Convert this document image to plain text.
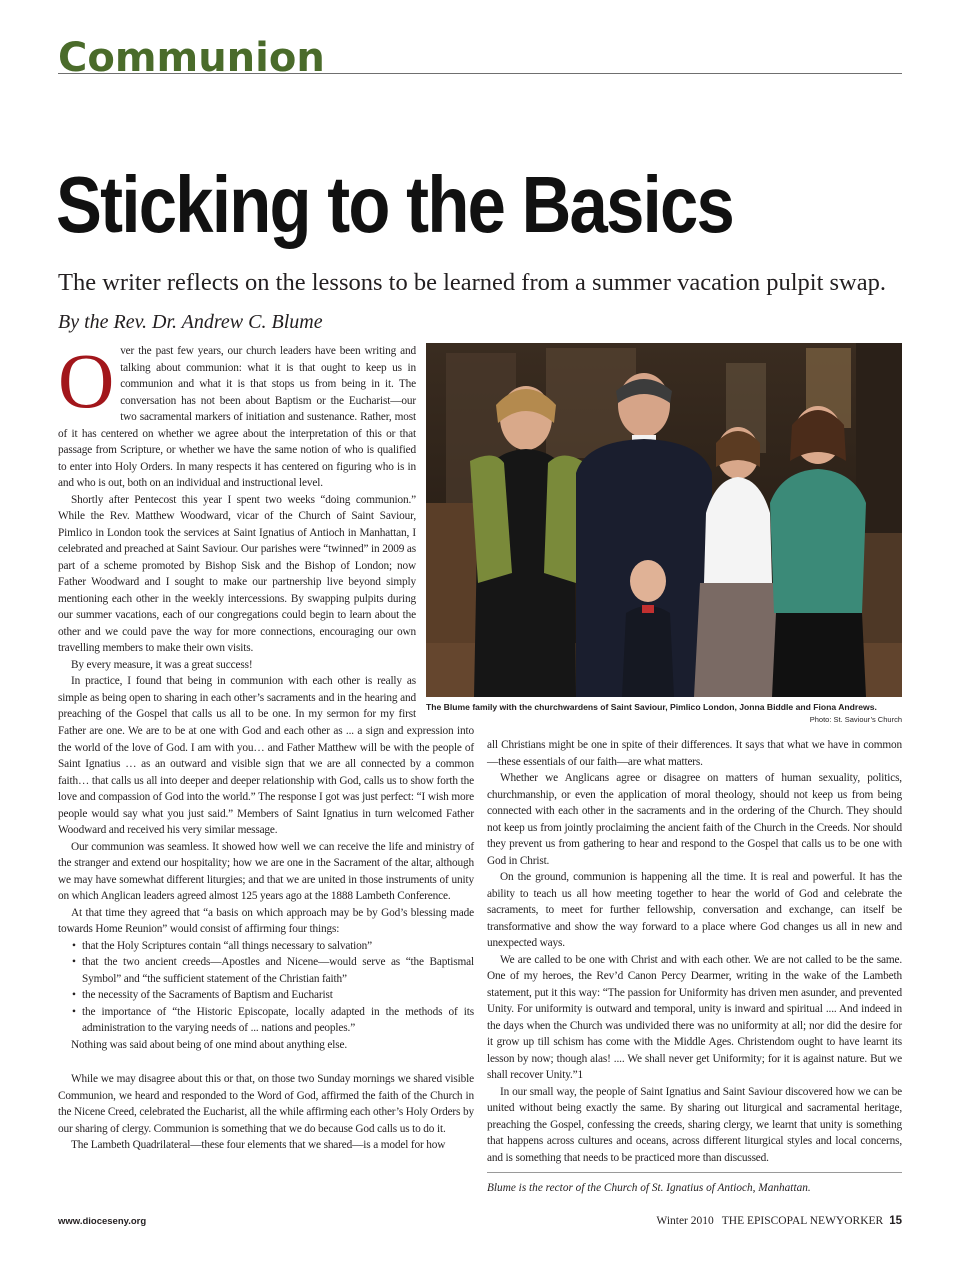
Communion
Sticking to the Basics
The writer reflects on the lessons to be learned from a summer vacation pulpit swap.
By the Rev. Dr. Andrew C. Blume

Over the past few years, our church leaders have been writing and talking about communion: what it is that ought to keep us in communion and what it is that stops us from being in it. The conversation has not been about Baptism or the Eucharist—our two sacramental markers of initiation and sustenance. Rather, most of it has centered on whether we agree about the interpretation of this or that passage from Scripture, or whether we have the same notion of who is qualified to enter into Holy Orders. In many respects it has centered on figuring who is in and who is out, both on an individual and instructional level.

Shortly after Pentecost this year I spent two weeks “doing communion.” While the Rev. Matthew Woodward, vicar of the Church of Saint Saviour, Pimlico in London took the services at Saint Ignatius of Antioch in Manhattan, I celebrated and preached at Saint Saviour. Our parishes were “twinned” in 2009 as part of a scheme promoted by Bishop Sisk and the Bishop of London; now Father Woodward and I sought to make our partnership live beyond simply mentioning each other in the weekly intercessions. By swapping pulpits during our summer vacations, each of our congregations could begin to learn about the other and we could pave the way for more connections, encouraging our own travelling members to make their own visits.

By every measure, it was a great success!

In practice, I found that being in communion with each other is really as simple as being open to sharing in each other’s sacraments and in the hearing and preaching of the Gospel that calls us all to be one. In my sermon for my first

The Blume family with the churchwardens of Saint Saviour, Pimlico London, Jonna Biddle and Fiona Andrews.
Photo: St. Saviour’s Church

Father are one. We are to be at one with God and each other as ... a sign and expression into the world of the love of God. I am with you… and Father Matthew will be with the people of Saint Ignatius … as an outward and visible sign that we are all connected by a common faith… that calls us all into deeper and deeper relationship with God, calls us to show forth the love and compassion of God into the world.” The response I got was just perfect: “I wish more people would say what you just said.” Members of Saint Ignatius in turn welcomed Father Woodward and received his very similar message.

Our communion was seamless. It showed how well we can receive the life and ministry of the stranger and extend our hospitality; how we are one in the Sacrament of the altar, although we may have somewhat different liturgies; and that we are united in those instruments of unity on which Anglican leaders agreed almost 125 years ago at the 1888 Lambeth Conference.

At that time they agreed that “a basis on which approach may be by God’s blessing made towards Home Reunion” would consist of affirming four things:

• that the Holy Scriptures contain “all things necessary to salvation”
• that the two ancient creeds—Apostles and Nicene—would serve as “the Baptismal Symbol” and “the sufficient statement of the Christian faith”
• the necessity of the Sacraments of Baptism and Eucharist
• the importance of “the Historic Episcopate, locally adapted in the methods of its administration to the varying needs of ... nations and peoples.”

Nothing was said about being of one mind about anything else.

While we may disagree about this or that, on those two Sunday mornings we shared visible Communion, we heard and responded to the Word of God, affirmed the faith of the Church in the Nicene Creed, celebrated the Eucharist, all the while affirming each other’s Holy Orders by our sharing of clergy. Communion is something that we do because God calls us to do it.

The Lambeth Quadrilateral—these four elements that we shared—is a model for how

all Christians might be one in spite of their differences. It says that what we have in common—these essentials of our faith—are what matters.

Whether we Anglicans agree or disagree on matters of human sexuality, politics, churchmanship, or even the application of moral theology, should not keep us from being connected with each other in the sacraments and in the ordering of the Church. They should not keep us from jointly proclaiming the ancient faith of the Church in the Creeds. Nor should they prevent us from gathering to hear and respond to the Gospel that calls us to be one with God in Christ.

On the ground, communion is happening all the time. It is real and powerful. It has the ability to teach us all how meeting together to hear the world of God and celebrate the sacraments, to meet for further fellowship, conversation and exchange, can itself be transformative and show the way forward to a place where God changes us all in new and unexpected ways.

We are called to be one with Christ and with each other. We are not called to be the same. One of my heroes, the Rev’d Canon Percy Dearmer, writing in the wake of the Lambeth statement, put it this way: “The passion for Uniformity has driven men asunder, and prevented Unity. For uniformity is outward and temporal, unity is inward and spiritual .... And indeed in the days when the Church was undivided there was no uniformity at all; nor did the desire for it grow up till schism has come with the Middle Ages. Christendom ought to have learnt its lesson by now; though alas! .... We shall never get Uniformity; for it is against nature. But we shall recover Unity.”1

In our small way, the people of Saint Ignatius and Saint Saviour discovered how we can be united without being exactly the same. By sharing out liturgical and sacramental heritage, preaching the Gospel, confessing the creeds, sharing clergy, we learnt that unity is something that happens across cultures and oceans, across different liturgical styles and local concerns, and is something that needs to be practiced more than discussed.

Blume is the rector of the Church of St. Ignatius of Antioch, Manhattan.
www.dioceseny.org	Winter 2010 THE EPISCOPAL NEWYORKER 15
